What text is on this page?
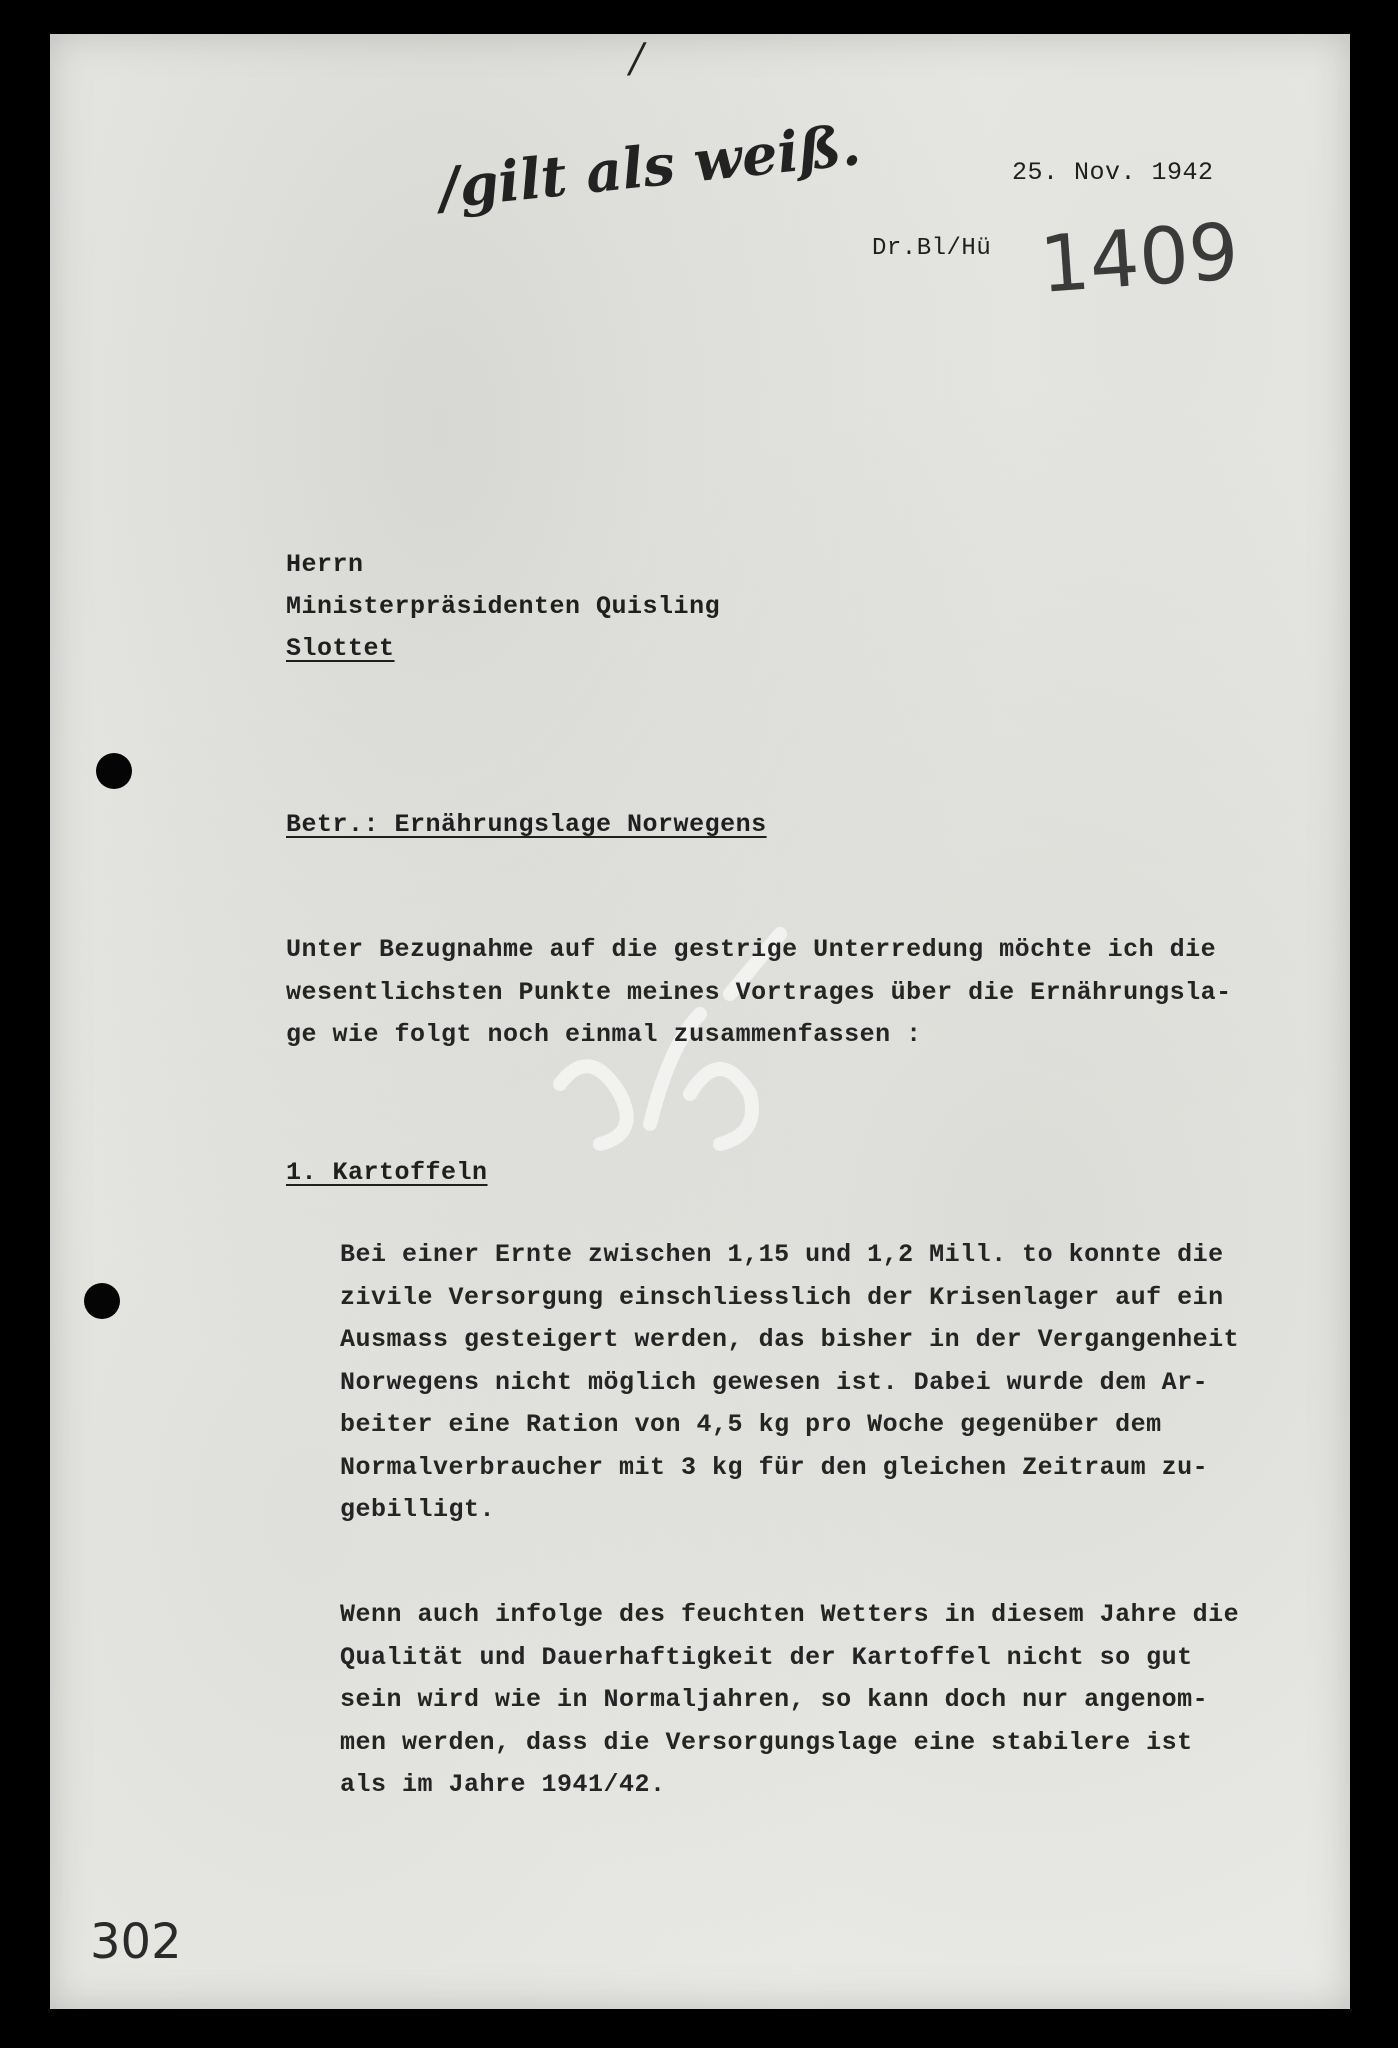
/
/gilt als weiß.	25. Nov. 1942
Dr.Bl/Hü 1409
Herrn
Ministerpräsidenten Quisling
Slottet
Betr.: Ernährungslage Norwegens
Unter Bezugnahme auf die gestrige Unterredung möchte ich die
wesentlichsten Punkte meines Vortrages über die Ernährungsla-
ge wie folgt noch einmal zusammenfassen :
1. Kartoffeln
Bei einer Ernte zwischen 1,15 und 1,2 Mill. to konnte die
zivile Versorgung einschliesslich der Krisenlager auf ein
Ausmass gesteigert werden, das bisher in der Vergangenheit
Norwegens nicht möglich gewesen ist. Dabei wurde dem Ar-
beiter eine Ration von 4,5 kg pro Woche gegenüber dem
Normalverbraucher mit 3 kg für den gleichen Zeitraum zu-
gebilligt.
Wenn auch infolge des feuchten Wetters in diesem Jahre die
Qualität und Dauerhaftigkeit der Kartoffel nicht so gut
sein wird wie in Normaljahren, so kann doch nur angenom-
men werden, dass die Versorgungslage eine stabilere ist
als im Jahre 1941/42.
302
